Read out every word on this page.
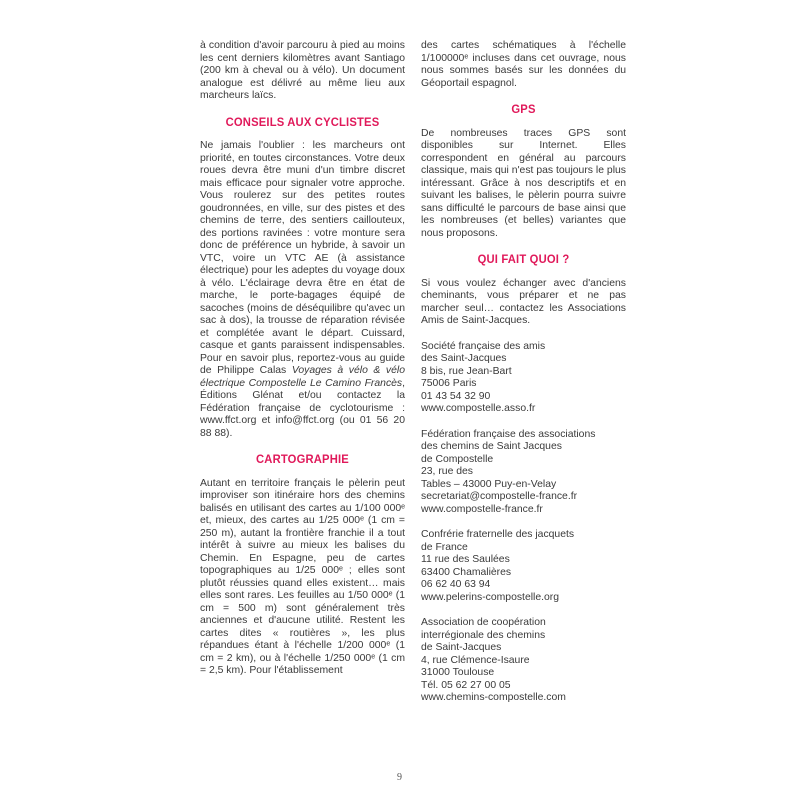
à condition d'avoir parcouru à pied au moins les cent derniers kilomètres avant Santiago (200 km à cheval ou à vélo). Un document analogue est délivré au même lieu aux marcheurs laïcs.

CONSEILS AUX CYCLISTES

Ne jamais l'oublier : les marcheurs ont priorité, en toutes circonstances. Votre deux roues devra être muni d'un timbre discret mais efficace pour signaler votre approche. Vous roulerez sur des petites routes goudronnées, en ville, sur des pistes et des chemins de terre, des sentiers caillouteux, des portions ravinées : votre monture sera donc de préférence un hybride, à savoir un VTC, voire un VTC AE (à assistance électrique) pour les adeptes du voyage doux à vélo. L'éclairage devra être en état de marche, le porte-bagages équipé de sacoches (moins de déséquilibre qu'avec un sac à dos), la trousse de réparation révisée et complétée avant le départ. Cuissard, casque et gants paraissent indispensables. Pour en savoir plus, reportez-vous au guide de Philippe Calas Voyages à vélo & vélo électrique Compostelle Le Camino Francès, Éditions Glénat et/ou contactez la Fédération française de cyclotourisme : www.ffct.org et info@ffct.org (ou 01 56 20 88 88).

CARTOGRAPHIE

Autant en territoire français le pèlerin peut improviser son itinéraire hors des chemins balisés en utilisant des cartes au 1/100 000ᵉ et, mieux, des cartes au 1/25 000ᵉ (1 cm = 250 m), autant la frontière franchie il a tout intérêt à suivre au mieux les balises du Chemin. En Espagne, peu de cartes topographiques au 1/25 000ᵉ ; elles sont plutôt réussies quand elles existent… mais elles sont rares. Les feuilles au 1/50 000ᵉ (1 cm = 500 m) sont généralement très anciennes et d'aucune utilité. Restent les cartes dites « routières », les plus répandues étant à l'échelle 1/200 000ᵉ (1 cm = 2 km), ou à l'échelle 1/250 000ᵉ (1 cm = 2,5 km). Pour l'établissement

des cartes schématiques à l'échelle 1/100000ᵉ incluses dans cet ouvrage, nous nous sommes basés sur les données du Géoportail espagnol.

GPS

De nombreuses traces GPS sont disponibles sur Internet. Elles correspondent en général au parcours classique, mais qui n'est pas toujours le plus intéressant. Grâce à nos descriptifs et en suivant les balises, le pèlerin pourra suivre sans difficulté le parcours de base ainsi que les nombreuses (et belles) variantes que nous proposons.

QUI FAIT QUOI ?

Si vous voulez échanger avec d'anciens cheminants, vous préparer et ne pas marcher seul… contactez les Associations Amis de Saint-Jacques.

Société française des amis
des Saint-Jacques
8 bis, rue Jean-Bart
75006 Paris
01 43 54 32 90
www.compostelle.asso.fr
Fédération française des associations
des chemins de Saint Jacques
de Compostelle
23, rue des
Tables – 43000 Puy-en-Velay
secretariat@compostelle-france.fr
www.compostelle-france.fr
Confrérie fraternelle des jacquets
de France
11 rue des Saulées
63400 Chamalières
06 62 40 63 94
www.pelerins-compostelle.org
Association de coopération
interrégionale des chemins
de Saint-Jacques
4, rue Clémence-Isaure
31000 Toulouse
Tél. 05 62 27 00 05
www.chemins-compostelle.com
9
